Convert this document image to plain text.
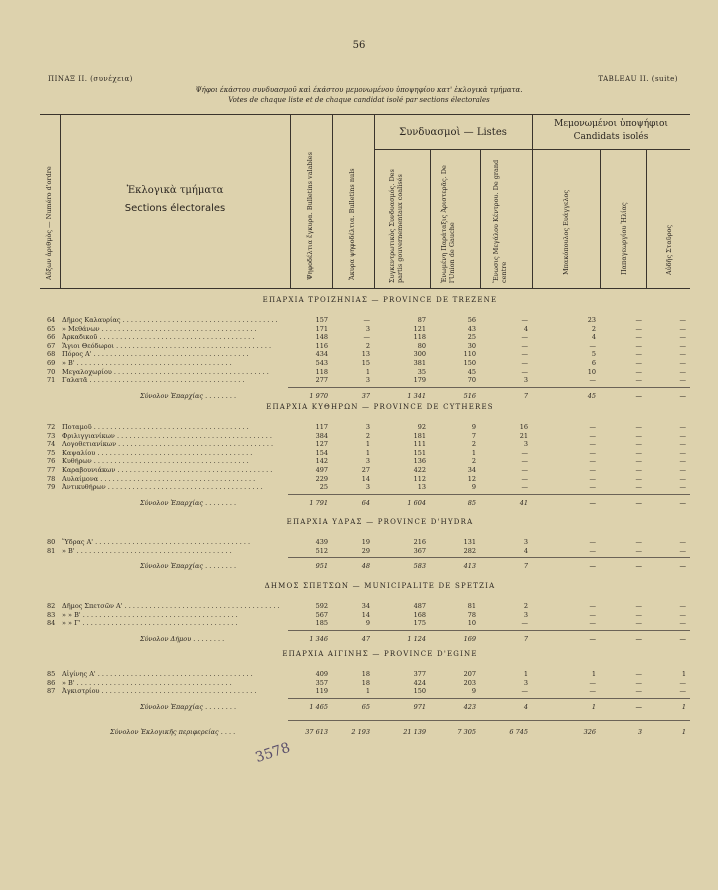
56
ΠΙΝΑΞ II. (συνέχεια)	TABLEAU II. (suite)
Ψήφοι έκάστου συνδυασμοῦ καὶ έκάστου μεμονωμένου ὑποψηφίου κατ' ἐκλογικὰ τμήματα.
Votes de chaque liste et de chaque candidat isolé par sections électorales
Αὔξων ἀριθμὸς — Numéro d'ordre	Ἐκλογικὰ τμήματα
Sections électorales	Ψηφοδέλτια ἔγκυρα. Bulletins valables	Ἄκυρα ψηφοδέλτια. Bulletins nuls
Συνδυασμοὶ — Listes
Μεμονωμένοι ὑποψήφιοι
Candidats isolés
Συγκεντρωτικὸς Συνδυασμός. Des partis gouvernementaux coalisés	Ἑνωμένη Παράταξις Ἀριστερᾶς. De l'Union de Gauche	Ἕνωσις Μεγάλου Κέντρου. De grand centre	Μπακόπουλος Ευάγγελος	Παπαγεωργίου Ἠλίας	Αὐδῆς Σταῦρος
ΕΠΑΡΧΙΑ ΤΡΟΙΖΗΝΙΑΣ — PROVINCE DE TREZENE
64 Δῆμος Καλαυρίας . . . . . . . . . . . . . . . . . . . . . . . . . . . . . . . . . . . . . .	157	—	87	56	—	23	—	—
65 » Μεθάνων . . . . . . . . . . . . . . . . . . . . . . . . . . . . . . . . . . . . . .	171	3	121	43	4	2	—	—
66 Ἀρκαδικοῦ . . . . . . . . . . . . . . . . . . . . . . . . . . . . . . . . . . . . . .	148	—	118	25	—	4	—	—
67 Ἅγιοι Θεόδωροι . . . . . . . . . . . . . . . . . . . . . . . . . . . . . . . . . . . . . .	116	2	80	30	—	—	—	—
68 Πόρος Α' . . . . . . . . . . . . . . . . . . . . . . . . . . . . . . . . . . . . . .	434	13	300	110	—	5	—	—
69 » Β' . . . . . . . . . . . . . . . . . . . . . . . . . . . . . . . . . . . . . .	543	15	381	150	—	6	—	—
70 Μεγαλοχωρίου . . . . . . . . . . . . . . . . . . . . . . . . . . . . . . . . . . . . . .	118	1	35	45	—	10	—	—
71 Γαλατᾶ . . . . . . . . . . . . . . . . . . . . . . . . . . . . . . . . . . . . . .	277	3	179	70	3	—	—	—
Σύνολον Ἐπαρχίας . . . . . . . .	1 970	37	1 341	516	7	45	—	—
ΕΠΑΡΧΙΑ ΚΥΘΗΡΩΝ — PROVINCE DE CYTHERES
72 Ποταμοῦ . . . . . . . . . . . . . . . . . . . . . . . . . . . . . . . . . . . . . .	117	3	92	9	16	—	—	—
73 Φριλιγγιανίκων . . . . . . . . . . . . . . . . . . . . . . . . . . . . . . . . . . . . . .	384	2	181	7	21	—	—	—
74 Λογοθετιανίκων . . . . . . . . . . . . . . . . . . . . . . . . . . . . . . . . . . . . . .	127	1	111	2	3	—	—	—
75 Καψαλίου . . . . . . . . . . . . . . . . . . . . . . . . . . . . . . . . . . . . . .	154	1	151	1	—	—	—	—
76 Κυθήρων . . . . . . . . . . . . . . . . . . . . . . . . . . . . . . . . . . . . . .	142	3	136	2	—	—	—	—
77 Καραβουνιάκων . . . . . . . . . . . . . . . . . . . . . . . . . . . . . . . . . . . . . .	497	27	422	34	—	—	—	—
78 Αυλαίμονα . . . . . . . . . . . . . . . . . . . . . . . . . . . . . . . . . . . . . .	229	14	112	12	—	—	—	—
79 Ἀντικυθήρων . . . . . . . . . . . . . . . . . . . . . . . . . . . . . . . . . . . . . .	25	3	13	9	—	—	—	—
Σύνολον Ἐπαρχίας . . . . . . . .	1 791	64	1 604	85	41	—	—	—
ΕΠΑΡΧΙΑ ΥΔΡΑΣ — PROVINCE D'HYDRA
80 Ὕδρας Α' . . . . . . . . . . . . . . . . . . . . . . . . . . . . . . . . . . . . . .	439	19	216	131	3	—	—	—
81 » Β' . . . . . . . . . . . . . . . . . . . . . . . . . . . . . . . . . . . . . .	512	29	367	282	4	—	—	—
Σύνολον Ἐπαρχίας . . . . . . . .	951	48	583	413	7	—	—	—
ΔΗΜΟΣ ΣΠΕΤΣΩΝ — MUNICIPALITE DE SPETZIA
82 Δῆμος Σπετσῶν Α' . . . . . . . . . . . . . . . . . . . . . . . . . . . . . . . . . . . . . .	592	34	487	81	2	—	—	—
83 » » Β' . . . . . . . . . . . . . . . . . . . . . . . . . . . . . . . . . . . . . .	567	14	168	78	3	—	—	—
84 » » Γ' . . . . . . . . . . . . . . . . . . . . . . . . . . . . . . . . . . . . . .	185	9	175	10	—	—	—	—
Σύνολον Δήμου . . . . . . . .	1 346	47	1 124	169	7	—	—	—
ΕΠΑΡΧΙΑ ΑΙΓΙΝΗΣ — PROVINCE D'EGINE
85 Αἰγίνης Α' . . . . . . . . . . . . . . . . . . . . . . . . . . . . . . . . . . . . . .	409	18	377	207	1	1	—	1
86 » Β' . . . . . . . . . . . . . . . . . . . . . . . . . . . . . . . . . . . . . .	357	18	424	203	3	—	—	—
87 Ἀγκιστρίου . . . . . . . . . . . . . . . . . . . . . . . . . . . . . . . . . . . . . .	119	1	150	9	—	—	—	—
Σύνολον Ἐπαρχίας . . . . . . . .	1 465	65	971	423	4	1	—	1
Σύνολον Ἐκλογικῆς περιφερείας . . . .	37 613	2 193	21 139	7 305	6 745	326	3	1
3578
